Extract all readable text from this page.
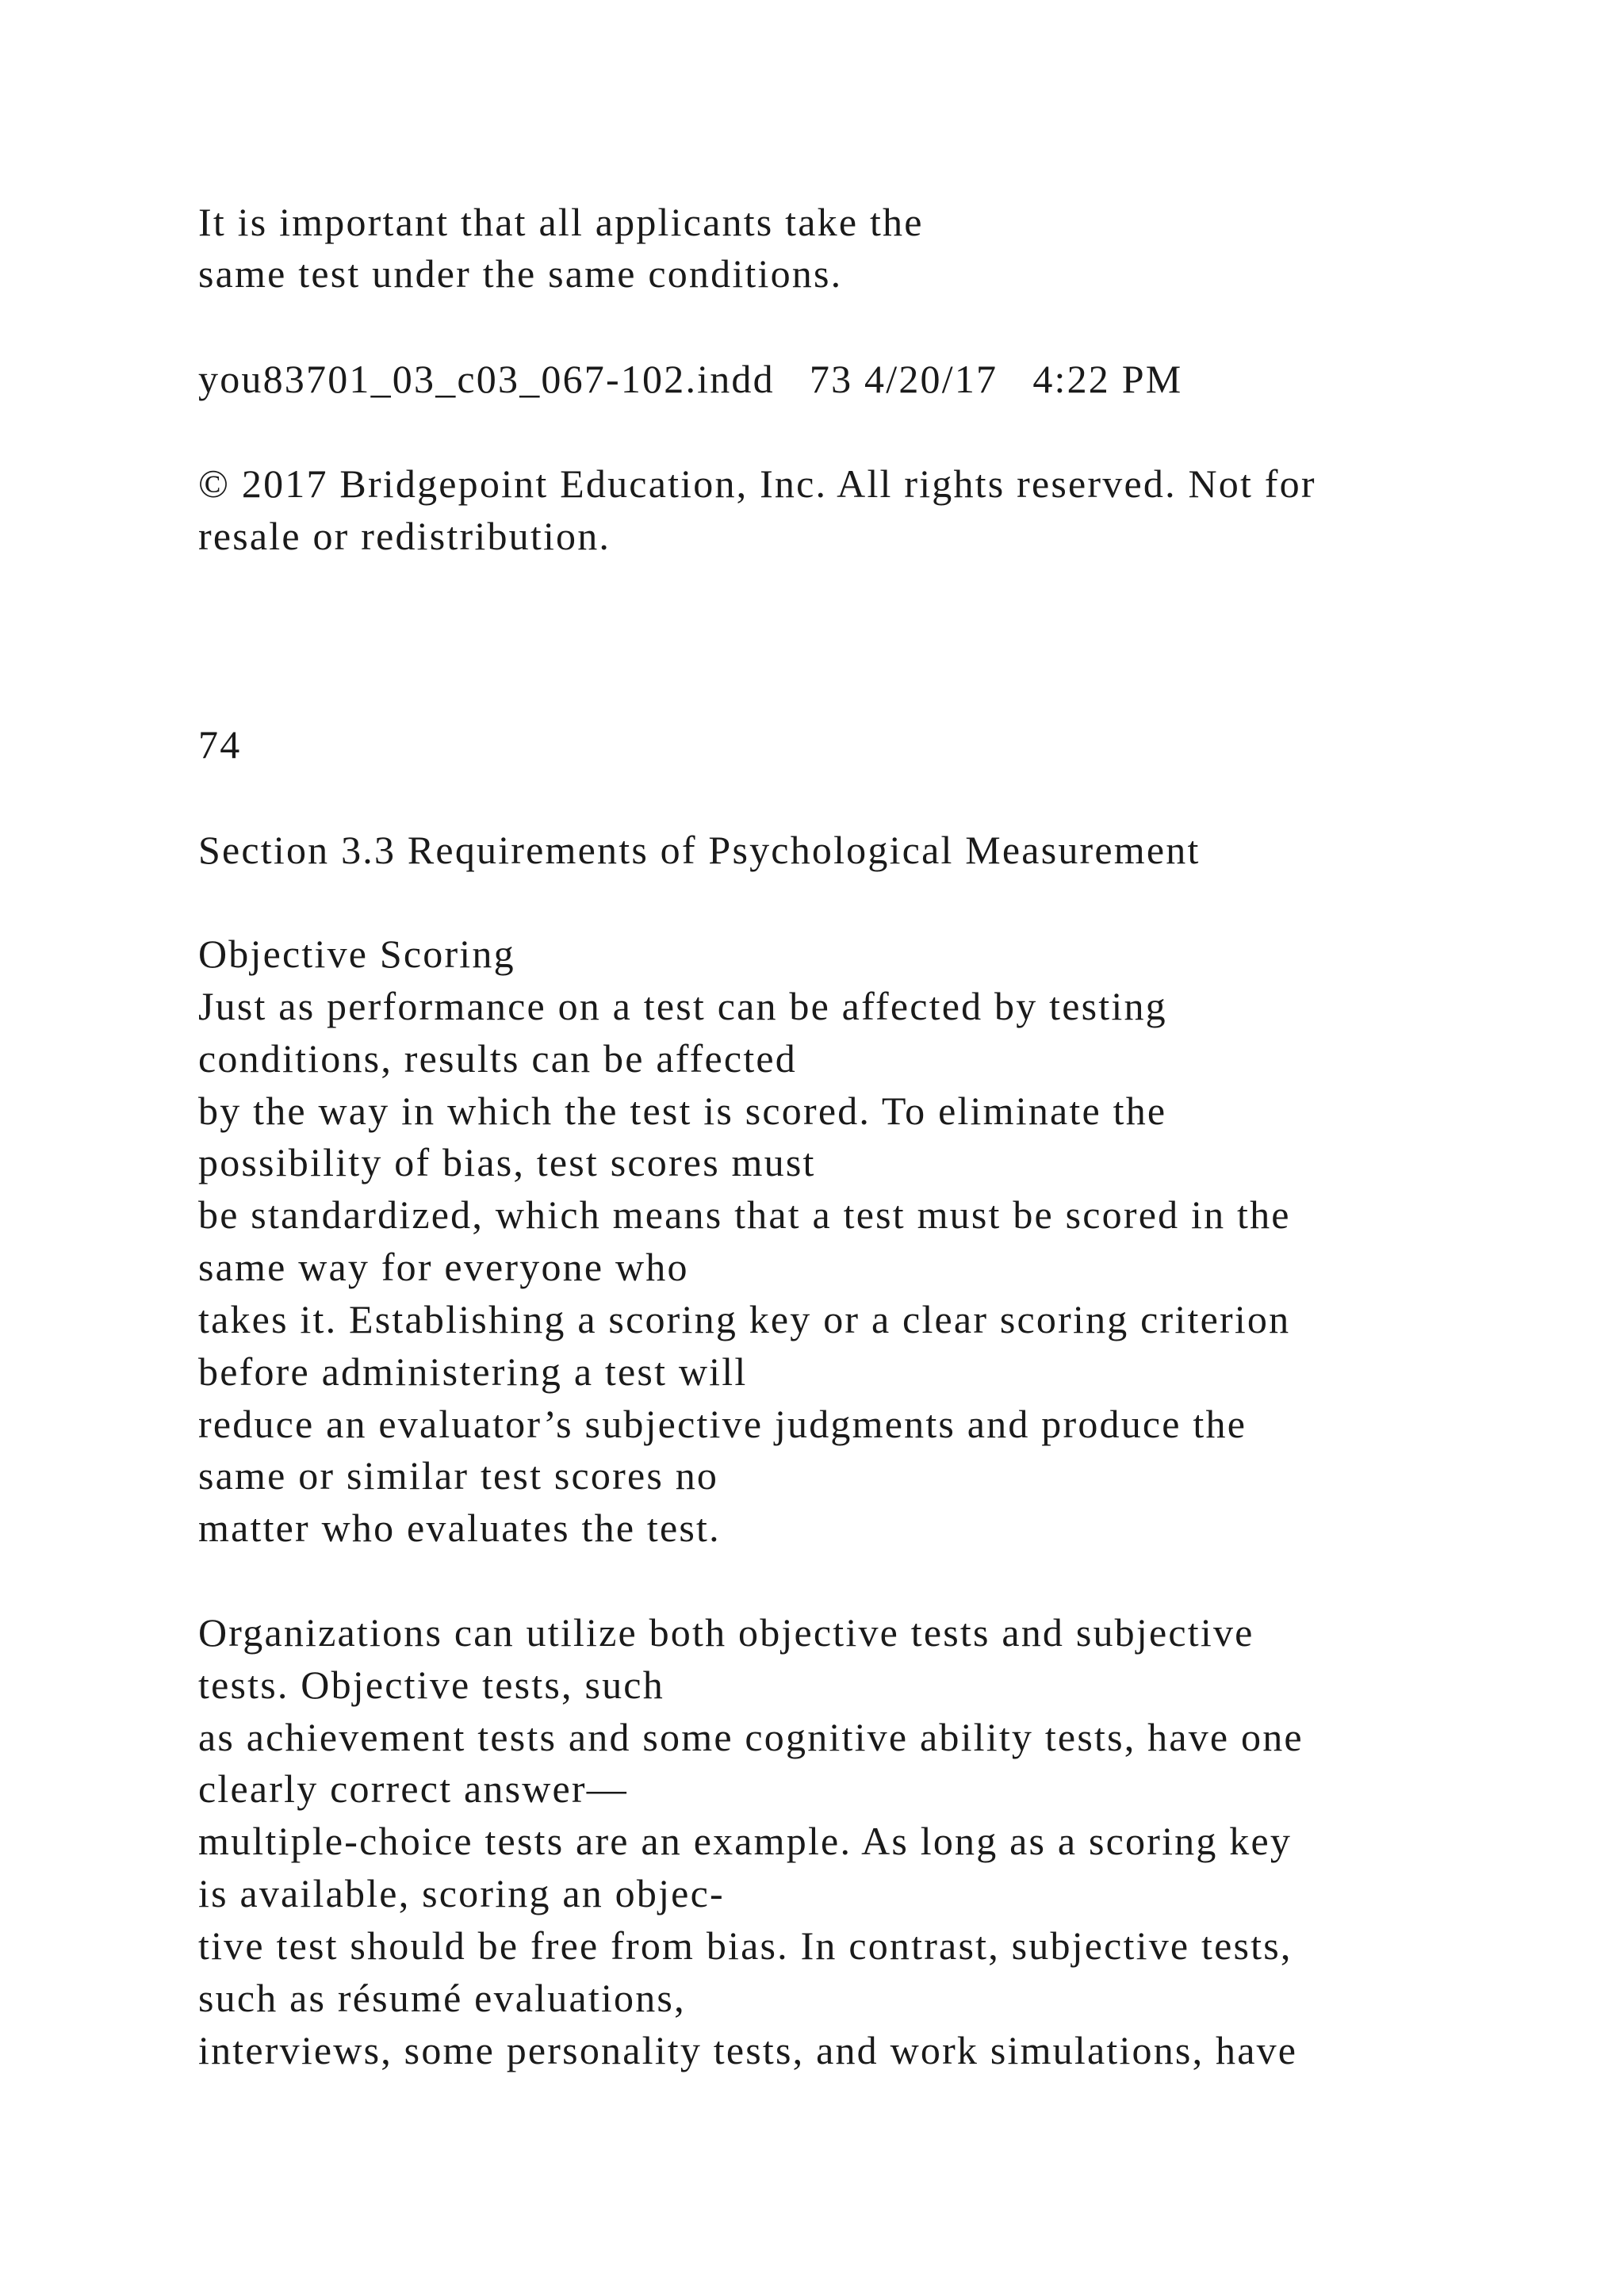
It is important that all applicants take the
same test under the same conditions.
you83701_03_c03_067-102.indd   73 4/20/17   4:22 PM
© 2017 Bridgepoint Education, Inc. All rights reserved. Not for
resale or redistribution.
74
Section 3.3 Requirements of Psychological Measurement
Objective Scoring
Just as performance on a test can be affected by testing
conditions, results can be affected
by the way in which the test is scored. To eliminate the
possibility of bias, test scores must
be standardized, which means that a test must be scored in the
same way for everyone who
takes it. Establishing a scoring key or a clear scoring criterion
before administering a test will
reduce an evaluator’s subjective judgments and produce the
same or similar test scores no
matter who evaluates the test.
Organizations can utilize both objective tests and subjective
tests. Objective tests, such
as achievement tests and some cognitive ability tests, have one
clearly correct answer—
multiple-choice tests are an example. As long as a scoring key
is available, scoring an objec-
tive test should be free from bias. In contrast, subjective tests,
such as résumé evaluations,
interviews, some personality tests, and work simulations, have
